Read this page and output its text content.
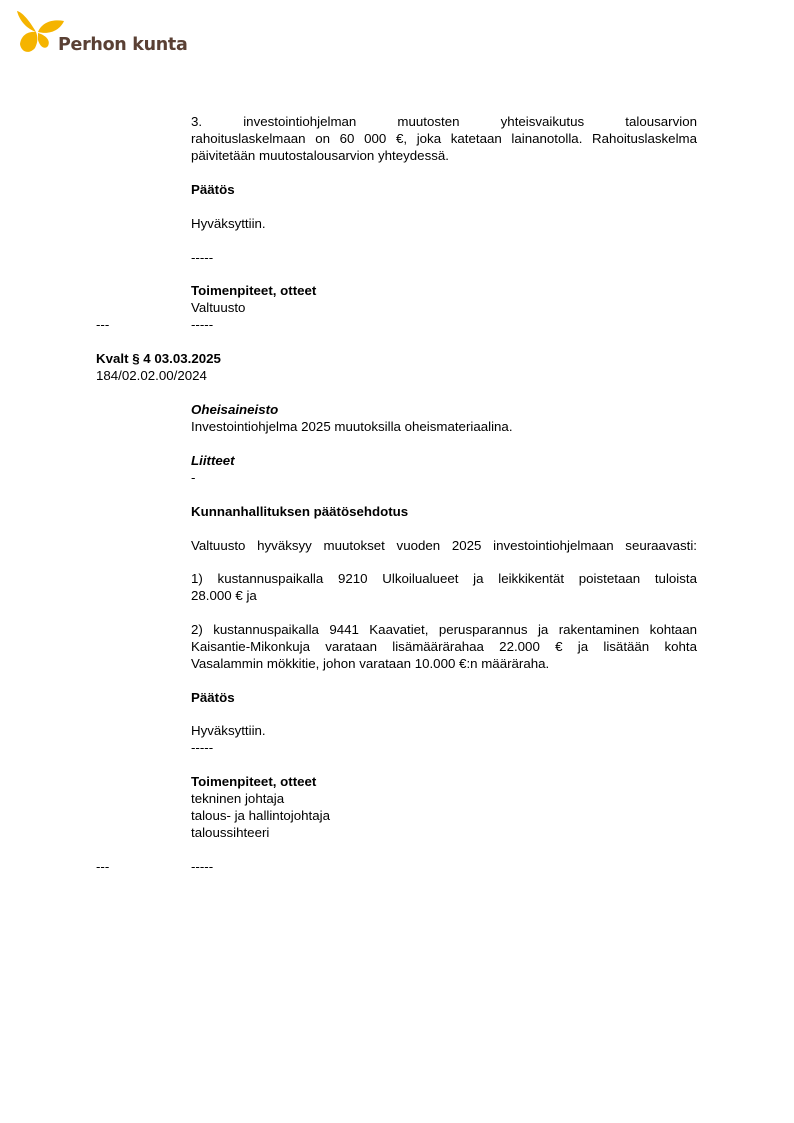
Perhon kunta
3. investointiohjelman muutosten yhteisvaikutus talousarvion
rahoituslaskelmaan on 60 000 €, joka katetaan lainanotolla. Rahoituslaskelma
päivitetään muutostalousarvion yhteydessä.
Päätös
Hyväksyttiin.
-----
Toimenpiteet, otteet
Valtuusto
---	-----
Kvalt § 4 03.03.2025
184/02.02.00/2024
Oheisaineisto
Investointiohjelma 2025 muutoksilla oheismateriaalina.
Liitteet
-
Kunnanhallituksen päätösehdotus
Valtuusto hyväksyy muutokset vuoden 2025 investointiohjelmaan seuraavasti:
1) kustannuspaikalla 9210 Ulkoilualueet ja leikkikentät poistetaan tuloista
28.000 € ja
2) kustannuspaikalla 9441 Kaavatiet, perusparannus ja rakentaminen kohtaan
Kaisantie-Mikonkuja varataan lisämäärärahaa 22.000 € ja lisätään kohta
Vasalammin mökkitie, johon varataan 10.000 €:n määräraha.
Päätös
Hyväksyttiin.
-----
Toimenpiteet, otteet
tekninen johtaja
talous- ja hallintojohtaja
taloussihteeri
---	-----
